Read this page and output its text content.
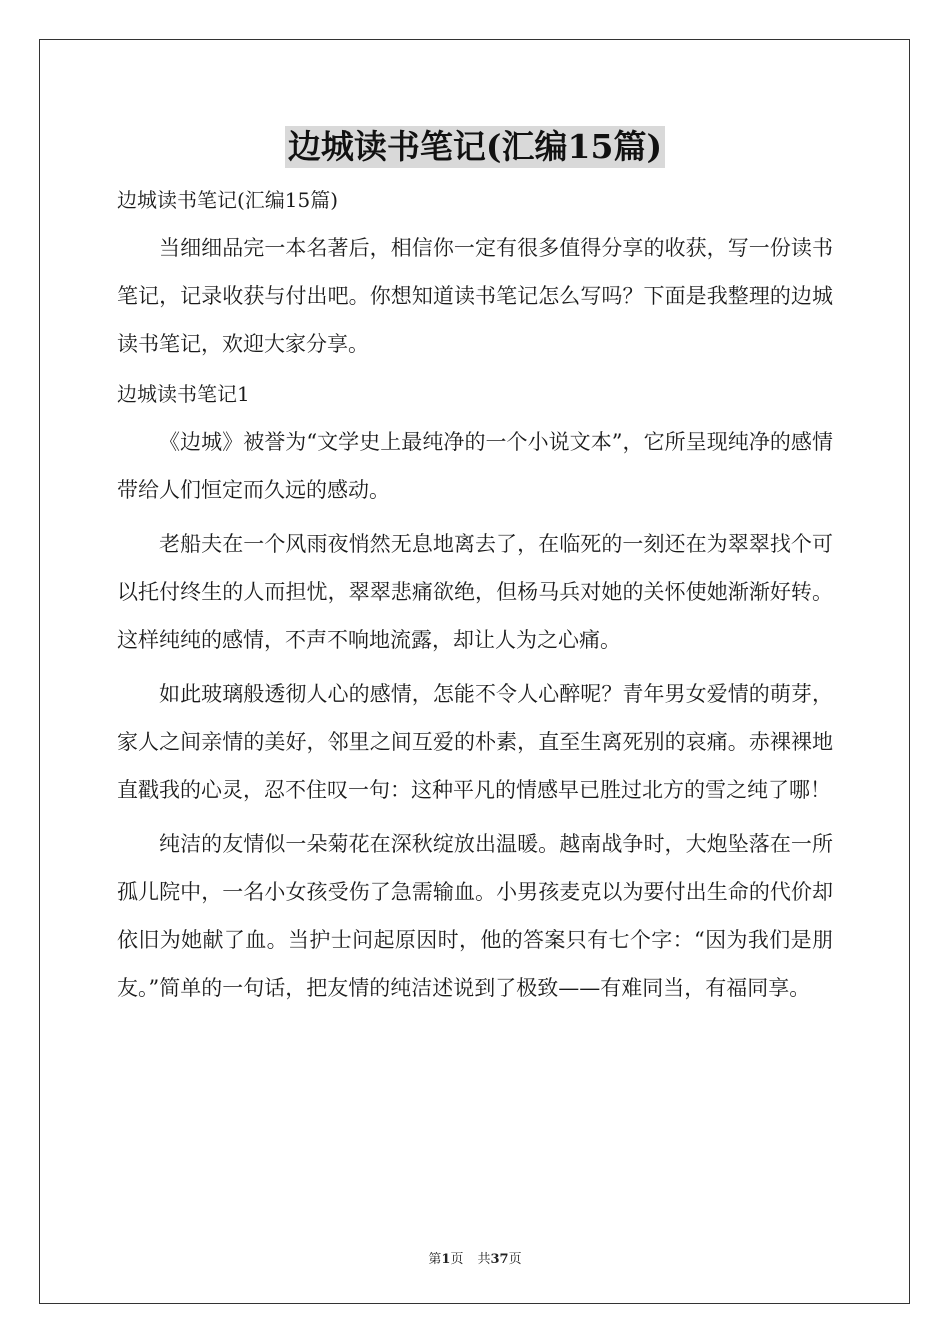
边城读书笔记(汇编15篇)

边城读书笔记(汇编15篇)

当细细品完一本名著后，相信你一定有很多值得分享的收获，写一份读书笔记，记录收获与付出吧。你想知道读书笔记怎么写吗？下面是我整理的边城读书笔记，欢迎大家分享。

边城读书笔记1

《边城》被誉为“文学史上最纯净的一个小说文本”，它所呈现纯净的感情带给人们恒定而久远的感动。

老船夫在一个风雨夜悄然无息地离去了，在临死的一刻还在为翠翠找个可以托付终生的人而担忧，翠翠悲痛欲绝，但杨马兵对她的关怀使她渐渐好转。这样纯纯的感情，不声不响地流露，却让人为之心痛。

如此玻璃般透彻人心的感情，怎能不令人心醉呢？青年男女爱情的萌芽，家人之间亲情的美好，邻里之间互爱的朴素，直至生离死别的哀痛。赤裸裸地直戳我的心灵，忍不住叹一句：这种平凡的情感早已胜过北方的雪之纯了哪！

纯洁的友情似一朵菊花在深秋绽放出温暖。越南战争时，大炮坠落在一所孤儿院中，一名小女孩受伤了急需输血。小男孩麦克以为要付出生命的代价却依旧为她献了血。当护士问起原因时，他的答案只有七个字：“因为我们是朋友。”简单的一句话，把友情的纯洁述说到了极致——有难同当，有福同享。

第1页 共37页
